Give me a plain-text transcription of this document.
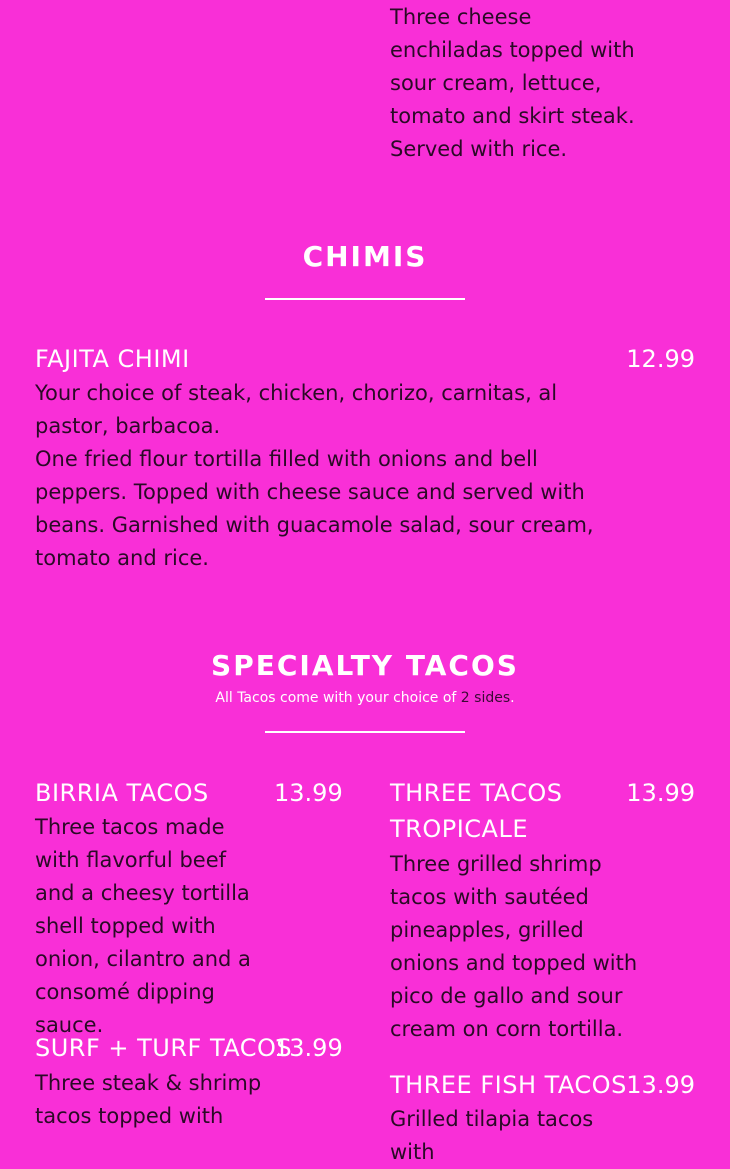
Three cheese enchiladas topped with sour cream, lettuce, tomato and skirt steak. Served with rice.

CHIMIS

FAJITA CHIMI	12.99

Your choice of steak, chicken, chorizo, carnitas, al pastor, barbacoa.

One fried flour tortilla filled with onions and bell peppers. Topped with cheese sauce and served with beans. Garnished with guacamole salad, sour cream, tomato and rice.

SPECIALTY TACOS

All Tacos come with your choice of 2 sides.

BIRRIA TACOS	13.99

Three tacos made with flavorful beef and a cheesy tortilla shell topped with onion, cilantro and a consomé dipping sauce.

THREE TACOS TROPICALE

13.99

Three grilled shrimp tacos with sautéed pineapples, grilled onions and topped with pico de gallo and sour cream on corn tortilla.

SURF + TURF TACOS

13.99

Three steak & shrimp tacos topped with

THREE FISH TACOS 13.99

Grilled tilapia tacos with
